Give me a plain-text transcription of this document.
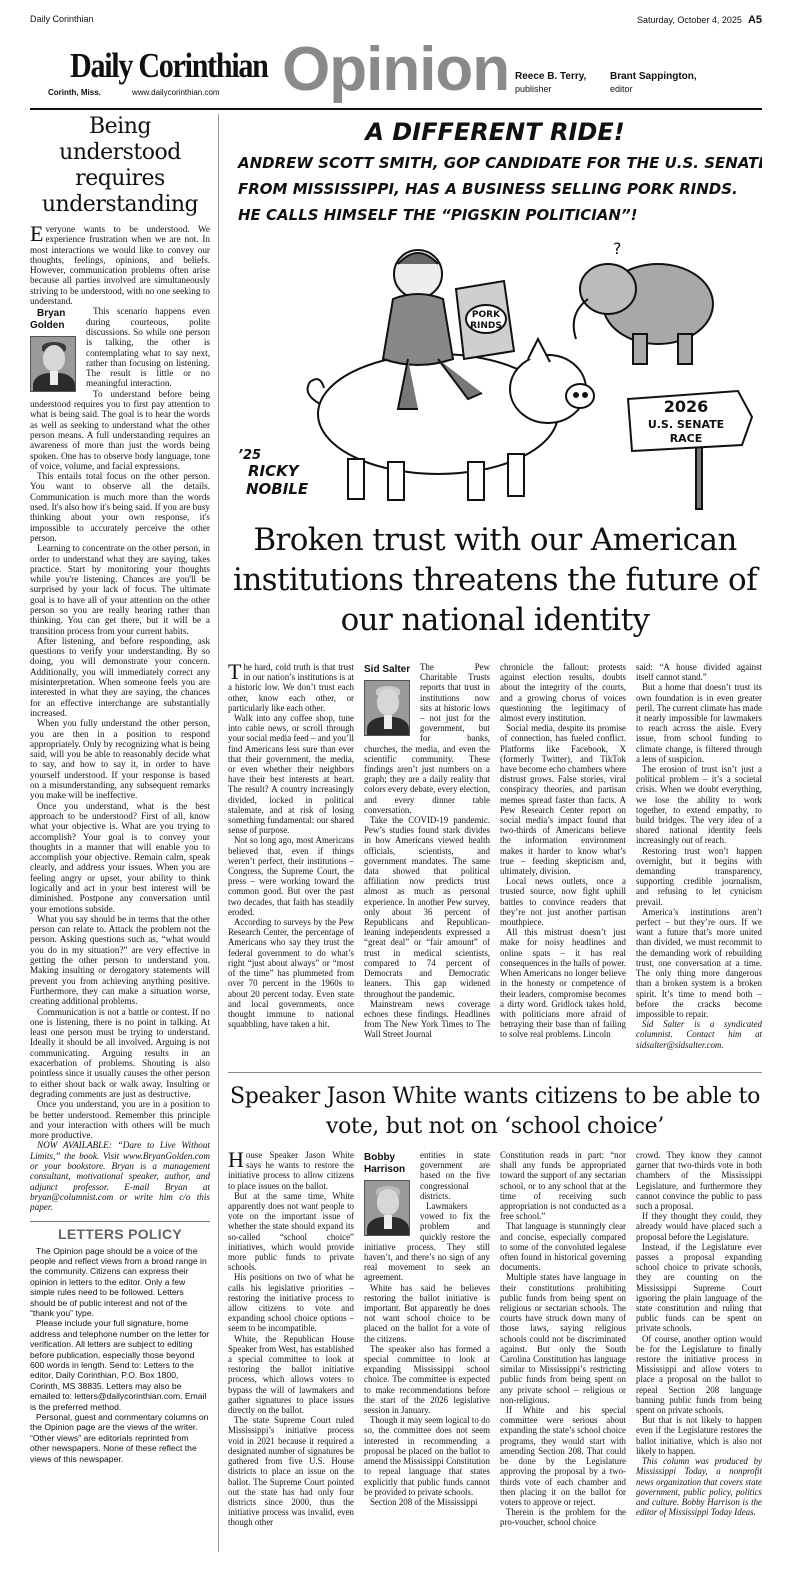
Daily Corinthian	Saturday, October 4, 2025 A5
Daily Corinthian
Corinth, Miss.	www.dailycorinthian.com Opinion Reece B. Terry,
publisher
Brant Sappington,
editor
Being understood requires understanding

Everyone wants to be understood. We experience frustration when we are not. In most interactions we would like to convey our thoughts, feelings, opinions, and beliefs. However, communication problems often arise because all parties involved are simultaneously striving to be understood, with no one seeking to understand.

Bryan Golden
This scenario happens even during courteous, polite discussions. So while one person is talking, the other is contemplating what to say next, rather than focusing on listening. The result is little or no meaningful interaction.

To understand before being understood requires you to first pay attention to what is being said. The goal is to hear the words as well as seeking to understand what the other person means. A full understanding requires an awareness of more than just the words being spoken. One has to observe body language, tone of voice, volume, and facial expressions.

This entails total focus on the other person. You want to observe all the details. Communication is much more than the words used. It's also how it's being said. If you are busy thinking about your own response, it's impossible to accurately perceive the other person.

Learning to concentrate on the other person, in order to understand what they are saying, takes practice. Start by monitoring your thoughts while you're listening. Chances are you'll be surprised by your lack of focus. The ultimate goal is to have all of your attention on the other person so you are really hearing rather than thinking. You can get there, but it will be a transition process from your current habits.

After listening, and before responding, ask questions to verify your understanding. By so doing, you will demonstrate your concern. Additionally, you will immediately correct any misinterpretation. When someone feels you are interested in what they are saying, the chances for an effective interchange are substantially increased.

When you fully understand the other person, you are then in a position to respond appropriately. Only by recognizing what is being said, will you be able to reasonably decide what to say, and how to say it, in order to have yourself understood. If your response is based on a misunderstanding, any subsequent remarks you make will be ineffective.

Once you understand, what is the best approach to be understood? First of all, know what your objective is. What are you trying to accomplish? Your goal is to convey your thoughts in a manner that will enable you to accomplish your objective. Remain calm, speak clearly, and address your issues. When you are feeling angry or upset, your ability to think logically and act in your best interest will be diminished. Postpone any conversation until your emotions subside.

What you say should be in terms that the other person can relate to. Attack the problem not the person. Asking questions such as, “what would you do in my situation?” are very effective in getting the other person to understand you. Making insulting or derogatory statements will prevent you from achieving anything positive. Furthermore, they can make a situation worse, creating additional problems.

Communication is not a battle or contest. If no one is listening, there is no point in talking. At least one person must be trying to understand. Ideally it should be all involved. Arguing is not communicating. Arguing results in an exacerbation of problems. Shouting is also pointless since it usually causes the other person to either shout back or walk away. Insulting or degrading comments are just as destructive.

Once you understand, you are in a position to be better understood. Remember this principle and your interaction with others will be much more productive.

NOW AVAILABLE: “Dare to Live Without Limits,” the book. Visit www.BryanGolden.com or your bookstore. Bryan is a management consultant, motivational speaker, author, and adjunct professor. E-mail Bryan at bryan@columnist.com or write him c/o this paper.

LETTERS POLICY

The Opinion page should be a voice of the people and reflect views from a broad range in the community. Citizens can express their opinion in letters to the editor. Only a few simple rules need to be followed. Letters should be of public interest and not of the “thank you” type.

Please include your full signature, home address and telephone number on the letter for verification. All letters are subject to editing before publication, especially those beyond 600 words in length. Send to: Letters to the editor, Daily Corinthian, P.O. Box 1800, Corinth, MS 38835. Letters may also be emailed to: letters@dailycorinthian.com. Email is the preferred method.

Personal, guest and commentary columns on the Opinion page are the views of the writer. “Other views” are editorials reprinted from other newspapers. None of these reflect the views of this newspaper.

A DIFFERENT RIDE!
ANDREW SCOTT SMITH, GOP CANDIDATE FOR THE U.S. SENATE
FROM MISSISSIPPI, HAS A BUSINESS SELLING PORK RINDS.
HE CALLS HIMSELF THE “PIGSKIN POLITICIAN”!
PORK
RINDS
?
2026
U.S. SENATE
RACE
’25
RICKY
NOBILE
Broken trust with our American institutions threatens the future of our national identity

The hard, cold truth is that trust in our nation’s institutions is at a historic low. We don’t trust each other, know each other, or particularly like each other.

Walk into any coffee shop, tune into cable news, or scroll through your social media feed – and you’ll find Americans less sure than ever that their government, the media, or even whether their neighbors have their best interests at heart. The result? A country increasingly divided, locked in political stalemate, and at risk of losing something fundamental: our shared sense of purpose.

Not so long ago, most Americans believed that, even if things weren’t perfect, their institutions – Congress, the Supreme Court, the press – were working toward the common good. But over the past two decades, that faith has steadily eroded.

According to surveys by the Pew Research Center, the percentage of Americans who say they trust the federal government to do what’s right “just about always” or “most of the time” has plummeted from over 70 percent in the 1960s to about 20 percent today. Even state and local governments, once thought immune to national squabbling, have taken a hit.

Sid Salter	The Pew Charitable Trusts reports that trust in institutions now sits at historic lows – not just for the government, but for banks, churches, the media, and even the scientific community. These findings aren’t just numbers on a graph; they are a daily reality that colors every debate, every election, and every dinner table conversation.

Take the COVID-19 pandemic. Pew’s studies found stark divides in how Americans viewed health officials, scientists, and government mandates. The same data showed that political affiliation now predicts trust almost as much as personal experience. In another Pew survey, only about 36 percent of Republicans and Republican-leaning independents expressed a “great deal” or “fair amount” of trust in medical scientists, compared to 74 percent of Democrats and Democratic leaners. This gap widened throughout the pandemic.

Mainstream news coverage echoes these findings. Headlines from The New York Times to The Wall Street Journal

chronicle the fallout: protests against election results, doubts about the integrity of the courts, and a growing chorus of voices questioning the legitimacy of almost every institution.

Social media, despite its promise of connection, has fueled conflict. Platforms like Facebook, X (formerly Twitter), and TikTok have become echo chambers where distrust grows. False stories, viral conspiracy theories, and partisan memes spread faster than facts. A Pew Research Center report on social media’s impact found that two-thirds of Americans believe the information environment makes it harder to know what’s true – feeding skepticism and, ultimately, division.

Local news outlets, once a trusted source, now fight uphill battles to convince readers that they’re not just another partisan mouthpiece.

All this mistrust doesn’t just make for noisy headlines and online spats – it has real consequences in the halls of power. When Americans no longer believe in the honesty or competence of their leaders, compromise becomes a dirty word. Gridlock takes hold, with politicians more afraid of betraying their base than of failing to solve real problems. Lincoln

said: “A house divided against itself cannot stand.”

But a home that doesn’t trust its own foundation is in even greater peril. The current climate has made it nearly impossible for lawmakers to reach across the aisle. Every issue, from school funding to climate change, is filtered through a lens of suspicion.

The erosion of trust isn’t just a political problem – it’s a societal crisis. When we doubt everything, we lose the ability to work together, to extend empathy, to build bridges. The very idea of a shared national identity feels increasingly out of reach.

Restoring trust won’t happen overnight, but it begins with demanding transparency, supporting credible journalism, and refusing to let cynicism prevail.

America’s institutions aren’t perfect – but they’re ours. If we want a future that’s more united than divided, we must recommit to the demanding work of rebuilding trust, one conversation at a time. The only thing more dangerous than a broken system is a broken spirit. It’s time to mend both – before the cracks become impossible to repair.

Sid Salter is a syndicated columnist. Contact him at sidsalter@sidsalter.com.

Speaker Jason White wants citizens to be able to vote, but not on ‘school choice’

House Speaker Jason White says he wants to restore the initiative process to allow citizens to place issues on the ballot.

But at the same time, White apparently does not want people to vote on the important issue of whether the state should expand its so-called “school choice” initiatives, which would provide more public funds to private schools.

His positions on two of what he calls his legislative priorities – restoring the initiative process to allow citizens to vote and expanding school choice options – seem to be incompatible.

White, the Republican House Speaker from West, has established a special committee to look at restoring the ballot initiative process, which allows voters to bypass the will of lawmakers and gather signatures to place issues directly on the ballot.

The state Supreme Court ruled Mississippi’s initiative process void in 2021 because it required a designated number of signatures be gathered from five U.S. House districts to place an issue on the ballot. The Supreme Court pointed out the state has had only four districts since 2000, thus the initiative process was invalid, even though other

Bobby Harrison
entities in state government are based on the five congressional districts.

Lawmakers vowed to fix the problem and quickly restore the initiative process. They still haven’t, and there’s no sign of any real movement to seek an agreement.

White has said he believes restoring the ballot initiative is important. But apparently he does not want school choice to be placed on the ballot for a vote of the citizens.

The speaker also has formed a special committee to look at expanding Mississippi school choice. The committee is expected to make recommendations before the start of the 2026 legislative session in January.

Though it may seem logical to do so, the committee does not seem interested in recommending a proposal be placed on the ballot to amend the Mississippi Constitution to repeal language that states explicitly that public funds cannot be provided to private schools.

Section 208 of the Mississippi

Constitution reads in part: “nor shall any funds be appropriated toward the support of any sectarian school, or to any school that at the time of receiving such appropriation is not conducted as a free school.”

That language is stunningly clear and concise, especially compared to some of the convoluted legalese often found in historical governing documents.

Multiple states have language in their constitutions prohibiting public funds from being spent on religious or sectarian schools. The courts have struck down many of those laws, saying religious schools could not be discriminated against. But only the South Carolina Constitution has language similar to Mississippi’s restricting public funds from being spent on any private school – religious or non-religious.

If White and his special committee were serious about expanding the state’s school choice programs, they would start with amending Section 208. That could be done by the Legislature approving the proposal by a two-thirds vote of each chamber and then placing it on the ballot for voters to approve or reject.

Therein is the problem for the pro-voucher, school choice

crowd. They know they cannot garner that two-thirds vote in both chambers of the Mississippi Legislature, and furthermore they cannot convince the public to pass such a proposal.

If they thought they could, they already would have placed such a proposal before the Legislature.

Instead, if the Legislature ever passes a proposal expanding school choice to private schools, they are counting on the Mississippi Supreme Court ignoring the plain language of the state constitution and ruling that public funds can be spent on private schools.

Of course, another option would be for the Legislature to finally restore the initiative process in Mississippi and allow voters to place a proposal on the ballot to repeal Section 208 language banning public funds from being spent on private schools.

But that is not likely to happen even if the Legislature restores the ballot initiative, which is also not likely to happen.

This column was produced by Mississippi Today, a nonprofit news organization that covers state government, public policy, politics and culture. Bobby Harrison is the editor of Mississippi Today Ideas.
